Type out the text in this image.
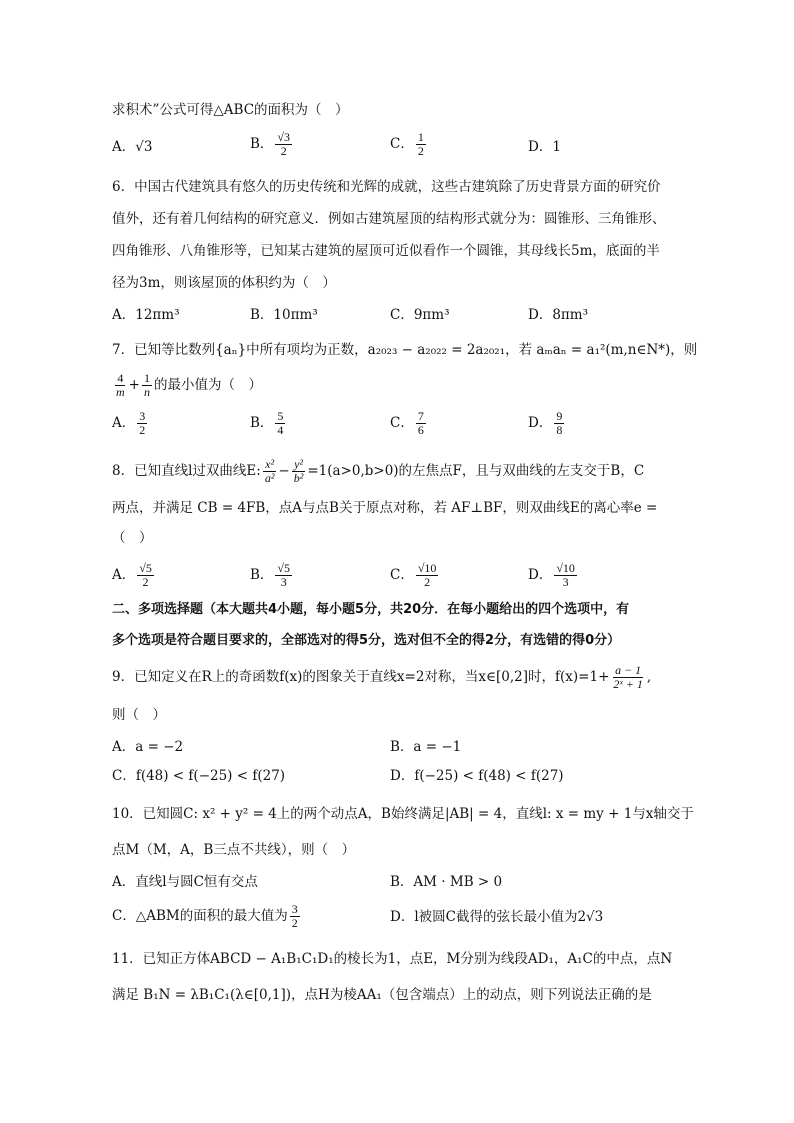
求积术”公式可得△ABC的面积为（　）
A．√3	B． $\frac{√3}{2}$	C． $\frac{1}{2}$	D．1
6．中国古代建筑具有悠久的历史传统和光辉的成就，这些古建筑除了历史背景方面的研究价
值外，还有着几何结构的研究意义．例如古建筑屋顶的结构形式就分为：圆锥形、三角锥形、
四角锥形、八角锥形等，已知某古建筑的屋顶可近似看作一个圆锥，其母线长5m，底面的半
径为3m，则该屋顶的体积约为（　）
A．12πm³	B．10πm³	C．9πm³	D．8πm³
7．已知等比数列{aₙ}中所有项均为正数，a₂₀₂₃ − a₂₀₂₂ = 2a₂₀₂₁，若 aₘaₙ = a₁²(m,n∈N*)，则
$\frac{4}{m} + \frac{1}{n}$ 的最小值为（　）
A． $\frac{3}{2}$	B． $\frac{5}{4}$	C． $\frac{7}{6}$	D． $\frac{9}{8}$
8．已知直线l过双曲线E: $\frac{\text{x²}}{\text{a²}} - \frac{\text{y²}}{\text{b²}} =1(a>0,b>0)$的左焦点F，且与双曲线的左支交于B，C
两点，并满足 CB = 4FB，点A与点B关于原点对称，若 AF⊥BF，则双曲线E的离心率e =
（　）
A． $\frac{√5}{2}$	B． $\frac{√5}{3}$	C． $\frac{√10}{2}$	D． $\frac{√10}{3}$
二、多项选择题（本大题共4小题，每小题5分，共20分．在每小题给出的四个选项中，有
多个选项是符合题目要求的，全部选对的得5分，选对但不全的得2分，有选错的得0分）
9．已知定义在R上的奇函数f(x)的图象关于直线x=2对称，当x∈[0,2]时，$f(x)=1+ \frac{a - 1}{\text{2ˣ + 1}}$ ,
则（　）
A．a = −2	B．a = −1
C．f(48) < f(−25) < f(27)	D．f(−25) < f(48) < f(27)
10．已知圆C: x² + y² = 4上的两个动点A，B始终满足|AB| = 4，直线l: x = my + 1与x轴交于
点M（M，A，B三点不共线），则（　）
A．直线l与圆C恒有交点	B．AM · MB > 0
C．△ABM的面积的最大值为 $\frac{3}{2}$	D．l被圆C截得的弦长最小值为2√3
11．已知正方体ABCD − A₁B₁C₁D₁的棱长为1，点E，M分别为线段AD₁，A₁C的中点，点N
满足 B₁N = λB₁C₁(λ∈[0,1])，点H为棱AA₁（包含端点）上的动点，则下列说法正确的是
